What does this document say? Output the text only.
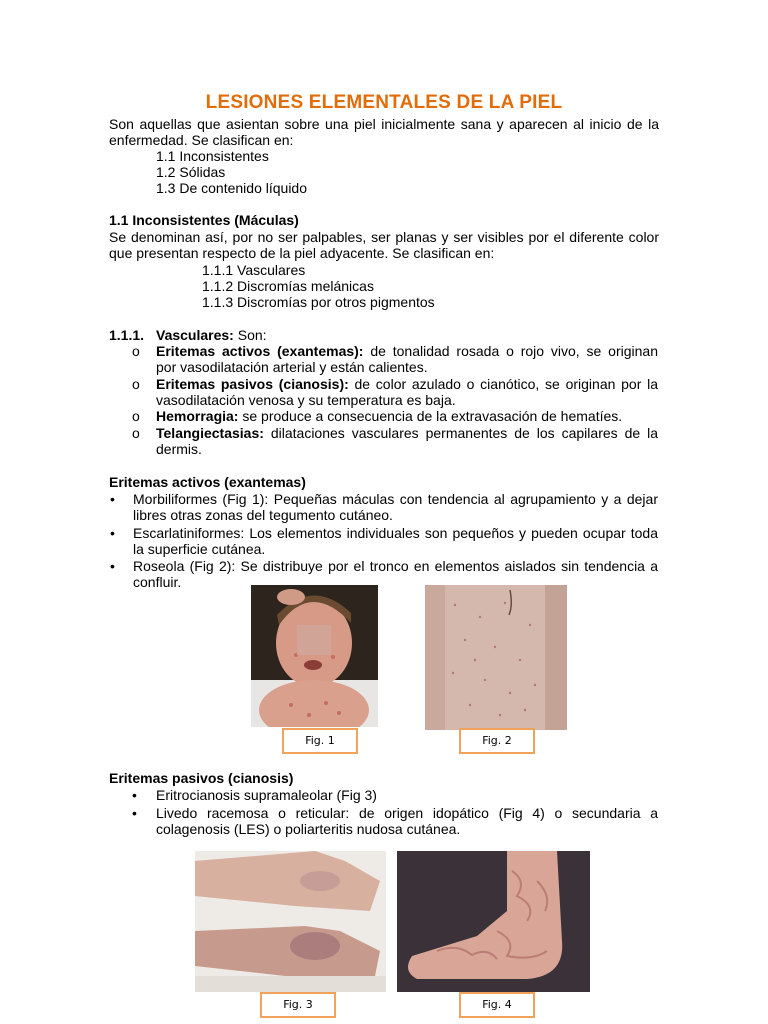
LESIONES ELEMENTALES DE LA PIEL
Son aquellas que asientan sobre una piel inicialmente sana y aparecen al inicio de la
enfermedad. Se clasifican en:
1.1 Inconsistentes
1.2 Sólidas
1.3 De contenido líquido
1.1 Inconsistentes (Máculas)
Se denominan así, por no ser palpables, ser planas y ser visibles por el diferente color
que presentan respecto de la piel adyacente. Se clasifican en:
1.1.1 Vasculares
1.1.2 Discromías melánicas
1.1.3 Discromías por otros pigmentos
1.1.1. Vasculares: Son:
o Eritemas activos (exantemas): de tonalidad rosada o rojo vivo, se originan
por vasodilatación arterial y están calientes.
o Eritemas pasivos (cianosis): de color azulado o cianótico, se originan por la
vasodilatación venosa y su temperatura es baja.
o Hemorragia: se produce a consecuencia de la extravasación de hematíes.
o Telangiectasias: dilataciones vasculares permanentes de los capilares de la
dermis.
Eritemas activos (exantemas)
• Morbiliformes (Fig 1): Pequeñas máculas con tendencia al agrupamiento y a dejar
libres otras zonas del tegumento cutáneo.
• Escarlatiniformes: Los elementos individuales son pequeños y pueden ocupar toda
la superficie cutánea.
• Roseola (Fig 2): Se distribuye por el tronco en elementos aislados sin tendencia a
confluir.
Fig. 1	Fig. 2
Eritemas pasivos (cianosis)
• Eritrocianosis supramaleolar (Fig 3)
• Livedo racemosa o reticular: de origen idopático (Fig 4) o secundaria a
colagenosis (LES) o poliarteritis nudosa cutánea.
Fig. 3	Fig. 4
